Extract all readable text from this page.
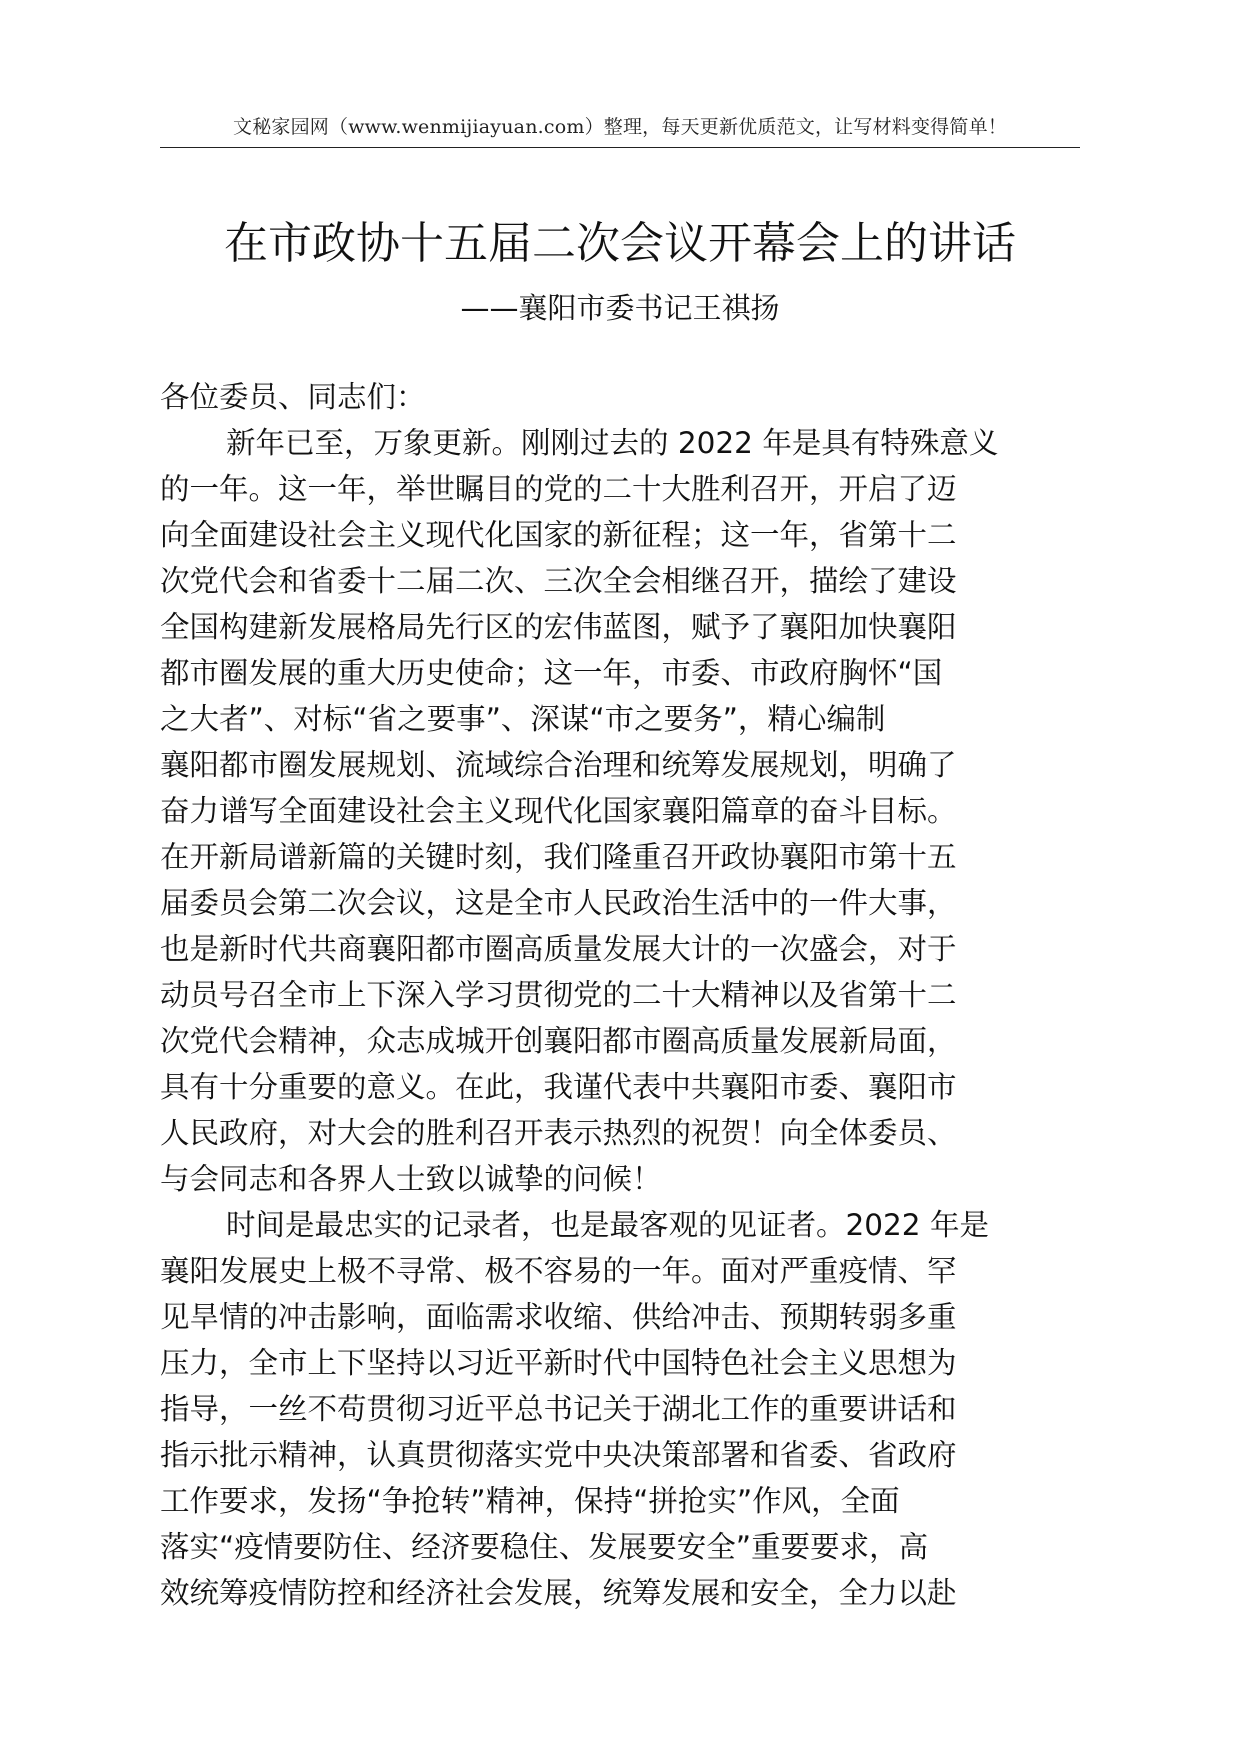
文秘家园网（www.wenmijiayuan.com）整理，每天更新优质范文，让写材料变得简单！
在市政协十五届二次会议开幕会上的讲话
——襄阳市委书记王祺扬
各位委员、同志们：
新年已至，万象更新。刚刚过去的 2022 年是具有特殊意义
的一年。这一年，举世瞩目的党的二十大胜利召开，开启了迈
向全面建设社会主义现代化国家的新征程；这一年，省第十二
次党代会和省委十二届二次、三次全会相继召开，描绘了建设
全国构建新发展格局先行区的宏伟蓝图，赋予了襄阳加快襄阳
都市圈发展的重大历史使命；这一年，市委、市政府胸怀“国
之大者”、对标“省之要事”、深谋“市之要务”，精心编制
襄阳都市圈发展规划、流域综合治理和统筹发展规划，明确了
奋力谱写全面建设社会主义现代化国家襄阳篇章的奋斗目标。
在开新局谱新篇的关键时刻，我们隆重召开政协襄阳市第十五
届委员会第二次会议，这是全市人民政治生活中的一件大事，
也是新时代共商襄阳都市圈高质量发展大计的一次盛会，对于
动员号召全市上下深入学习贯彻党的二十大精神以及省第十二
次党代会精神，众志成城开创襄阳都市圈高质量发展新局面，
具有十分重要的意义。在此，我谨代表中共襄阳市委、襄阳市
人民政府，对大会的胜利召开表示热烈的祝贺！向全体委员、
与会同志和各界人士致以诚挚的问候！
时间是最忠实的记录者，也是最客观的见证者。2022 年是
襄阳发展史上极不寻常、极不容易的一年。面对严重疫情、罕
见旱情的冲击影响，面临需求收缩、供给冲击、预期转弱多重
压力，全市上下坚持以习近平新时代中国特色社会主义思想为
指导，一丝不苟贯彻习近平总书记关于湖北工作的重要讲话和
指示批示精神，认真贯彻落实党中央决策部署和省委、省政府
工作要求，发扬“争抢转”精神，保持“拼抢实”作风，全面
落实“疫情要防住、经济要稳住、发展要安全”重要要求，高
效统筹疫情防控和经济社会发展，统筹发展和安全，全力以赴
